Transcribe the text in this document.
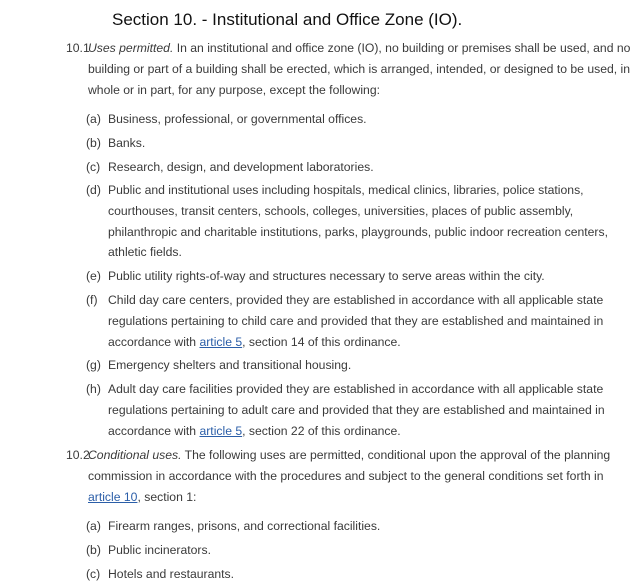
Section 10. - Institutional and Office Zone (IO).
10.1Uses permitted. In an institutional and office zone (IO), no building or premises shall be used, and no building or part of a building shall be erected, which is arranged, intended, or designed to be used, in whole or in part, for any purpose, except the following:
(a) Business, professional, or governmental offices.
(b) Banks.
(c) Research, design, and development laboratories.
(d) Public and institutional uses including hospitals, medical clinics, libraries, police stations, courthouses, transit centers, schools, colleges, universities, places of public assembly, philanthropic and charitable institutions, parks, playgrounds, public indoor recreation centers, athletic fields.
(e) Public utility rights-of-way and structures necessary to serve areas within the city.
(f) Child day care centers, provided they are established in accordance with all applicable state regulations pertaining to child care and provided that they are established and maintained in accordance with article 5, section 14 of this ordinance.
(g) Emergency shelters and transitional housing.
(h) Adult day care facilities provided they are established in accordance with all applicable state regulations pertaining to adult care and provided that they are established and maintained in accordance with article 5, section 22 of this ordinance.
10.2Conditional uses. The following uses are permitted, conditional upon the approval of the planning commission in accordance with the procedures and subject to the general conditions set forth in article 10, section 1:
(a) Firearm ranges, prisons, and correctional facilities.
(b) Public incinerators.
(c) Hotels and restaurants.
